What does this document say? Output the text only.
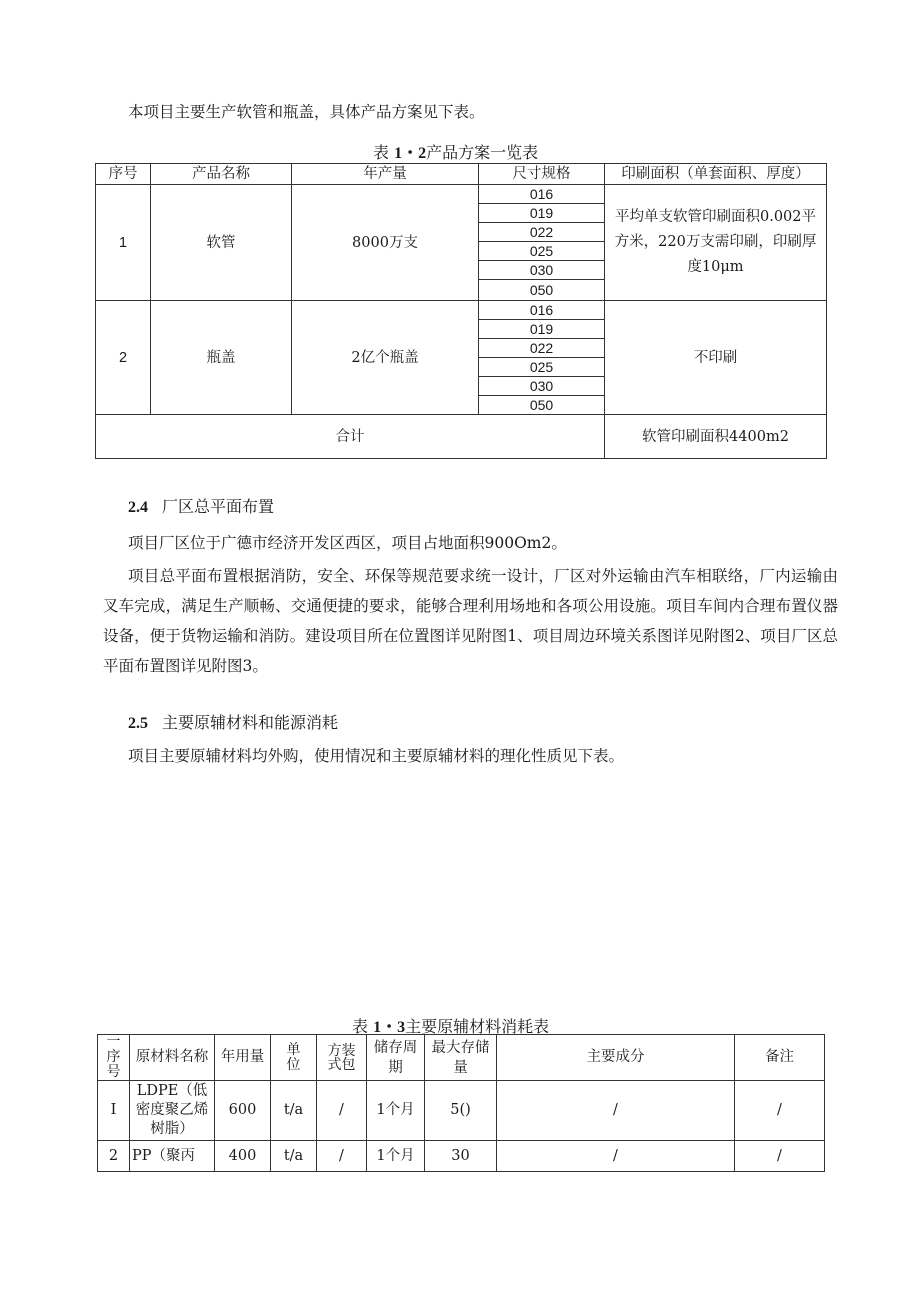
本项目主要生产软管和瓶盖，具体产品方案见下表。
表 1・2产品方案一览表
序号	产品名称	年产量	尺寸规格	印刷面积（单套面积、厚度）
1	软管	8000万支	016	平均单支软管印刷面积0.002平方米，220万支需印刷，印刷厚度10μm
			019	
			022	
			025	
			030	
			050	
2	瓶盖	2亿个瓶盖	016	不印刷
			019	
			022	
			025	
			030	
			050	
合计				软管印刷面积4400m2
2.4 厂区总平面布置
项目厂区位于广德市经济开发区西区，项目占地面积900Om2。
项目总平面布置根据消防，安全、环保等规范要求统一设计，厂区对外运输由汽车相联络，厂内运输由叉车完成，满足生产顺畅、交通便捷的要求，能够合理利用场地和各项公用设施。项目车间内合理布置仪器设备，便于货物运输和消防。建设项目所在位置图详见附图1、项目周边环境关系图详见附图2、项目厂区总平面布置图详见附图3。
2.5 主要原辅材料和能源消耗
项目主要原辅材料均外购，使用情况和主要原辅材料的理化性质见下表。
表 1・3主要原辅材料消耗表
一序号	原材料名称	年用量	单位	方装式包	储存周期	最大存储量	主要成分	备注
I	LDPE（低密度聚乙烯树脂）	600	t/a	/	1个月	5()	/	/
2	PP（聚丙	400	t/a	/	1个月	30	/	/
